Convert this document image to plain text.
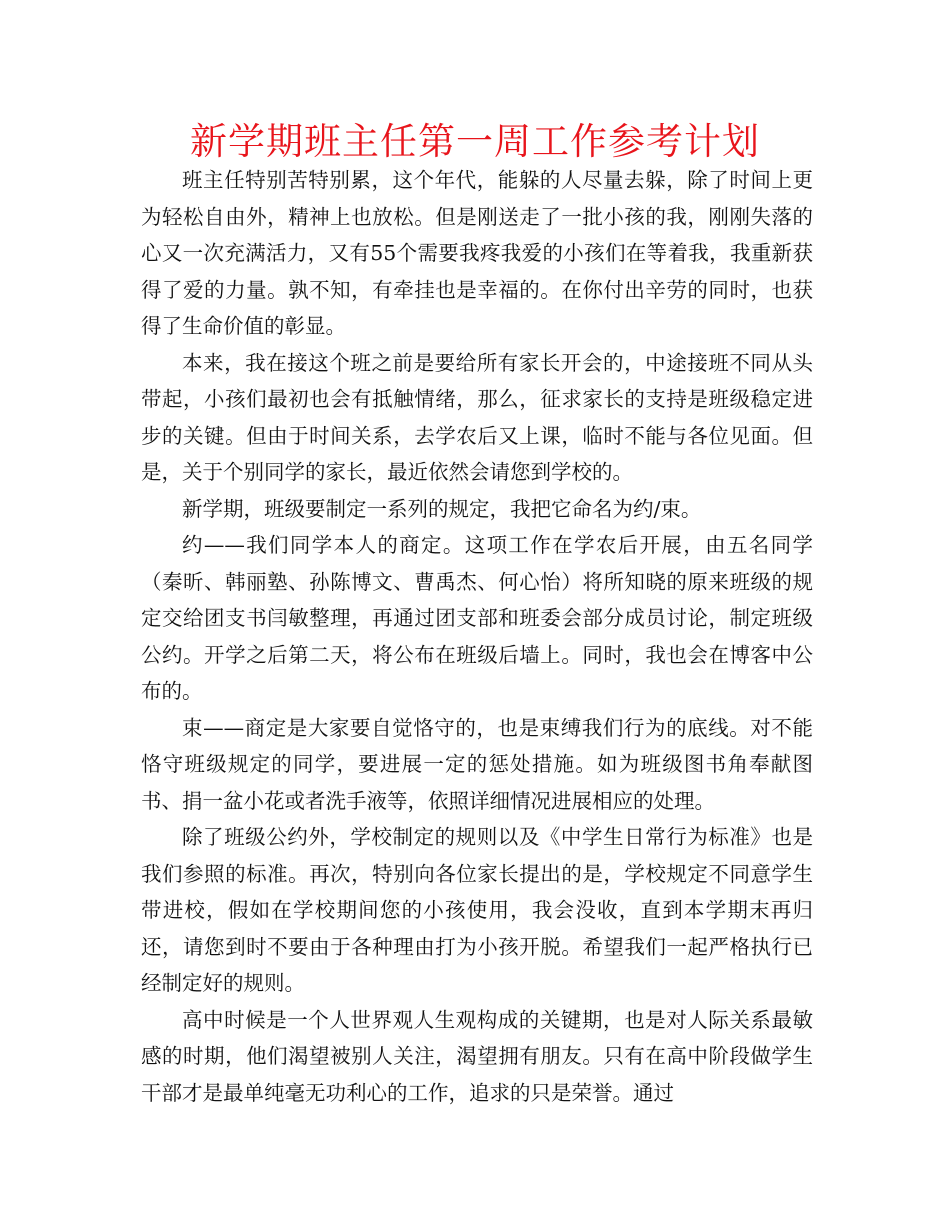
新学期班主任第一周工作参考计划

班主任特别苦特别累，这个年代，能躲的人尽量去躲，除了时间上更为轻松自由外，精神上也放松。但是刚送走了一批小孩的我，刚刚失落的心又一次充满活力，又有55个需要我疼我爱的小孩们在等着我，我重新获得了爱的力量。孰不知，有牵挂也是幸福的。在你付出辛劳的同时，也获得了生命价值的彰显。

本来，我在接这个班之前是要给所有家长开会的，中途接班不同从头带起，小孩们最初也会有抵触情绪，那么，征求家长的支持是班级稳定进步的关键。但由于时间关系，去学农后又上课，临时不能与各位见面。但是，关于个别同学的家长，最近依然会请您到学校的。

新学期，班级要制定一系列的规定，我把它命名为约/束。

约——我们同学本人的商定。这项工作在学农后开展，由五名同学（秦昕、韩丽塾、孙陈博文、曹禹杰、何心怡）将所知晓的原来班级的规定交给团支书闫敏整理，再通过团支部和班委会部分成员讨论，制定班级公约。开学之后第二天，将公布在班级后墙上。同时，我也会在博客中公布的。

束——商定是大家要自觉恪守的，也是束缚我们行为的底线。对不能恪守班级规定的同学，要进展一定的惩处措施。如为班级图书角奉献图书、捐一盆小花或者洗手液等，依照详细情况进展相应的处理。

除了班级公约外，学校制定的规则以及《中学生日常行为标准》也是我们参照的标准。再次，特别向各位家长提出的是，学校规定不同意学生带进校，假如在学校期间您的小孩使用，我会没收，直到本学期末再归还，请您到时不要由于各种理由打为小孩开脱。希望我们一起严格执行已经制定好的规则。

高中时候是一个人世界观人生观构成的关键期，也是对人际关系最敏感的时期，他们渴望被别人关注，渴望拥有朋友。只有在高中阶段做学生干部才是最单纯毫无功利心的工作，追求的只是荣誉。通过
